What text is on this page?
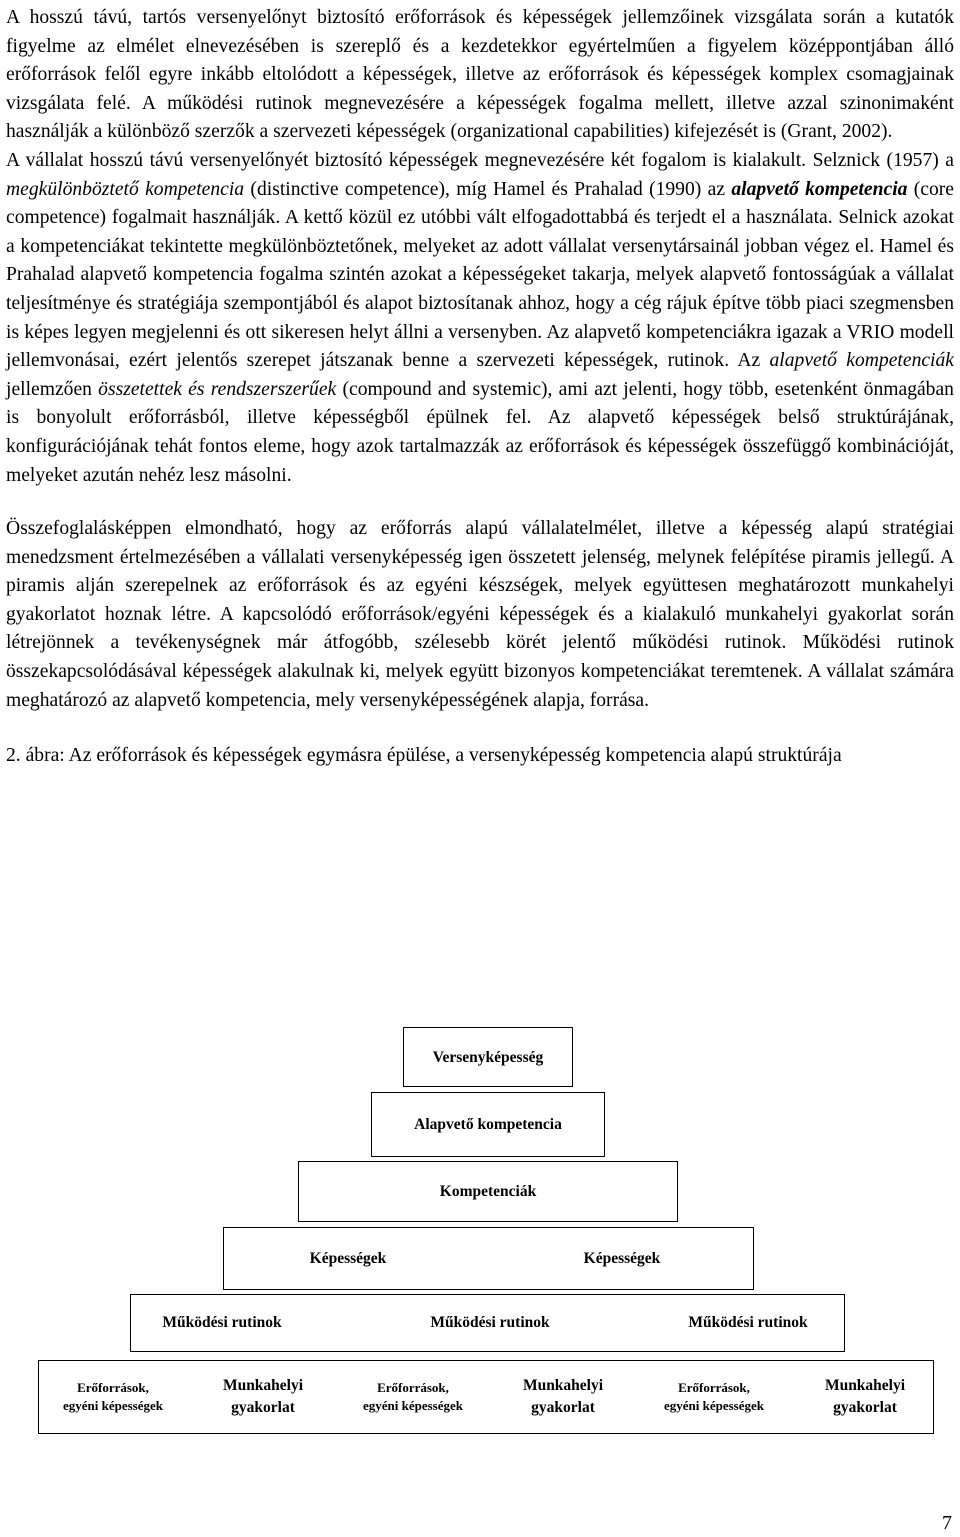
A hosszú távú, tartós versenyelőnyt biztosító erőforrások és képességek jellemzőinek vizsgálata során a kutatók figyelme az elmélet elnevezésében is szereplő és a kezdetekkor egyértelműen a figyelem középpontjában álló erőforrások felől egyre inkább eltolódott a képességek, illetve az erőforrások és képességek komplex csomagjainak vizsgálata felé. A működési rutinok megnevezésére a képességek fogalma mellett, illetve azzal szinonimaként használják a különböző szerzők a szervezeti képességek (organizational capabilities) kifejezését is (Grant, 2002).

A vállalat hosszú távú versenyelőnyét biztosító képességek megnevezésére két fogalom is kialakult. Selznick (1957) a megkülönböztető kompetencia (distinctive competence), míg Hamel és Prahalad (1990) az alapvető kompetencia (core competence) fogalmait használják. A kettő közül ez utóbbi vált elfogadottabbá és terjedt el a használata. Selnick azokat a kompetenciákat tekintette megkülönböztetőnek, melyeket az adott vállalat versenytársainál jobban végez el. Hamel és Prahalad alapvető kompetencia fogalma szintén azokat a képességeket takarja, melyek alapvető fontosságúak a vállalat teljesítménye és stratégiája szempontjából és alapot biztosítanak ahhoz, hogy a cég rájuk építve több piaci szegmensben is képes legyen megjelenni és ott sikeresen helyt állni a versenyben. Az alapvető kompetenciákra igazak a VRIO modell jellemvonásai, ezért jelentős szerepet játszanak benne a szervezeti képességek, rutinok. Az alapvető kompetenciák jellemzően összetettek és rendszerszerűek (compound and systemic), ami azt jelenti, hogy több, esetenként önmagában is bonyolult erőforrásból, illetve képességből épülnek fel. Az alapvető képességek belső struktúrájának, konfigurációjának tehát fontos eleme, hogy azok tartalmazzák az erőforrások és képességek összefüggő kombinációját, melyeket azután nehéz lesz másolni.

Összefoglalásképpen elmondható, hogy az erőforrás alapú vállalatelmélet, illetve a képesség alapú stratégiai menedzsment értelmezésében a vállalati versenyképesség igen összetett jelenség, melynek felépítése piramis jellegű. A piramis alján szerepelnek az erőforrások és az egyéni készségek, melyek együttesen meghatározott munkahelyi gyakorlatot hoznak létre. A kapcsolódó erőforrások/egyéni képességek és a kialakuló munkahelyi gyakorlat során létrejönnek a tevékenységnek már átfogóbb, szélesebb körét jelentő működési rutinok. Működési rutinok összekapcsolódásával képességek alakulnak ki, melyek együtt bizonyos kompetenciákat teremtenek. A vállalat számára meghatározó az alapvető kompetencia, mely versenyképességének alapja, forrása.

2. ábra: Az erőforrások és képességek egymásra épülése, a versenyképesség kompetencia alapú struktúrája

Versenyképesség
Alapvető kompetencia
Kompetenciák
Képességek	Képességek
Működési rutinok	Működési rutinok	Működési rutinok
Erőforrások,
egyéni képességek
Munkahelyi
gyakorlat
Erőforrások,
egyéni képességek
Munkahelyi
gyakorlat
Erőforrások,
egyéni képességek
Munkahelyi
gyakorlat
7
